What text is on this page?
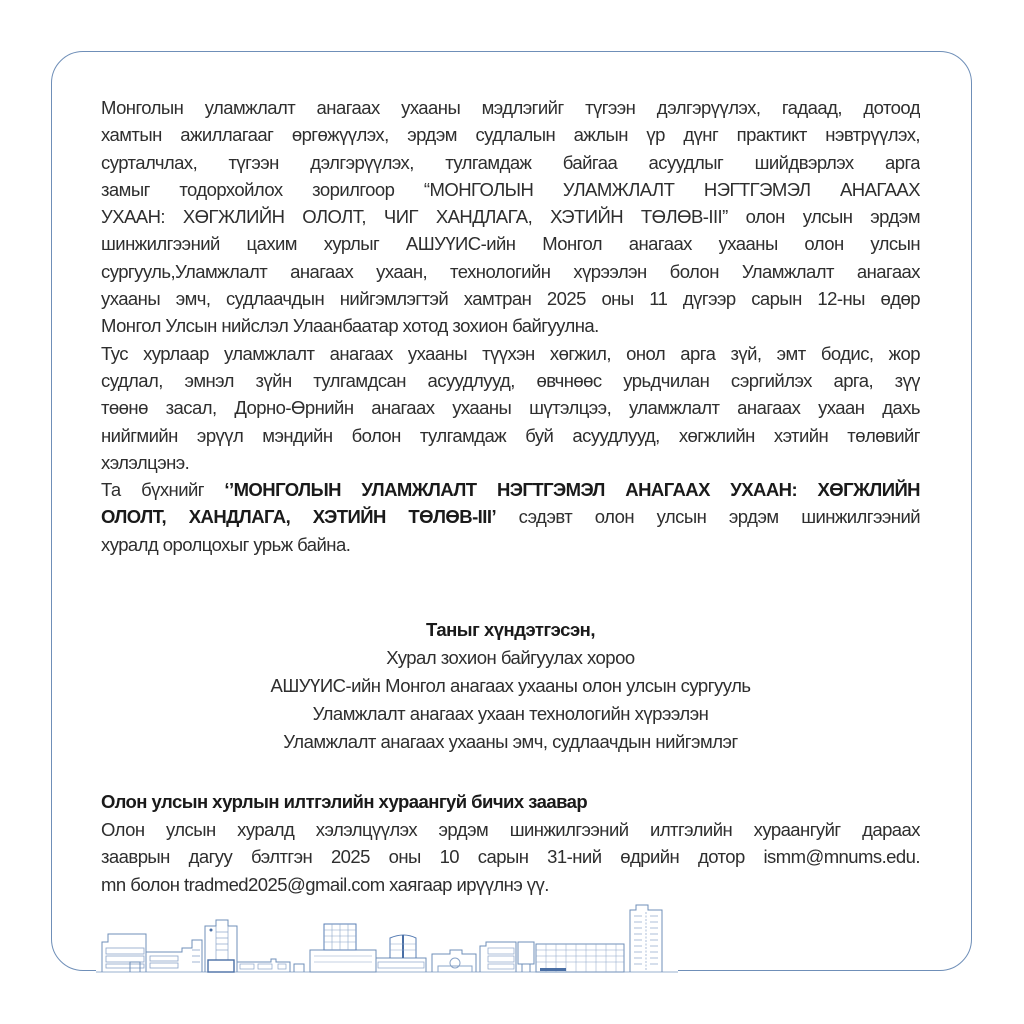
Монголын уламжлалт анагаах ухааны мэдлэгийг түгээн дэлгэрүүлэх, гадаад, дотоод
хамтын ажиллагааг өргөжүүлэх, эрдэм судлалын ажлын үр дүнг практикт нэвтрүүлэх,
сурталчлах, түгээн дэлгэрүүлэх, тулгамдаж байгаа асуудлыг шийдвэрлэх арга
замыг тодорхойлох зорилгоор “МОНГОЛЫН УЛАМЖЛАЛТ НЭГТГЭМЭЛ АНАГААХ
УХААН: ХӨГЖЛИЙН ОЛОЛТ, ЧИГ ХАНДЛАГА, ХЭТИЙН ТӨЛӨВ-III” олон улсын эрдэм
шинжилгээний цахим хурлыг АШУҮИС-ийн Монгол анагаах ухааны олон улсын
сургууль,Уламжлалт анагаах ухаан, технологийн хүрээлэн болон Уламжлалт анагаах
ухааны эмч, судлаачдын нийгэмлэгтэй хамтран 2025 оны 11 дүгээр сарын 12-ны өдөр
Монгол Улсын нийслэл Улаанбаатар хотод зохион байгуулна.
Тус хурлаар уламжлалт анагаах ухааны түүхэн хөгжил, онол арга зүй, эмт бодис, жор
судлал, эмнэл зүйн тулгамдсан асуудлууд, өвчнөөс урьдчилан сэргийлэх арга, зүү
төөнө засал, Дорно-Өрнийн анагаах ухааны шүтэлцээ, уламжлалт анагаах ухаан дахь
нийгмийн эрүүл мэндийн болон тулгамдаж буй асуудлууд, хөгжлийн хэтийн төлөвийг
хэлэлцэнэ.
Та бүхнийг ‘’МОНГОЛЫН УЛАМЖЛАЛТ НЭГТГЭМЭЛ АНАГААХ УХААН: ХӨГЖЛИЙН
ОЛОЛТ, ХАНДЛАГА, ХЭТИЙН ТӨЛӨВ-III’ сэдэвт олон улсын эрдэм шинжилгээний
хуралд оролцохыг урьж байна.
Таныг хүндэтгэсэн,
Хурал зохион байгуулах хороо
АШУҮИС-ийн Монгол анагаах ухааны олон улсын сургууль
Уламжлалт анагаах ухаан технологийн хүрээлэн
Уламжлалт анагаах ухааны эмч, судлаачдын нийгэмлэг
Олон улсын хурлын илтгэлийн хураангуй бичих заавар
Олон улсын хуралд хэлэлцүүлэх эрдэм шинжилгээний илтгэлийн хураангуйг дараах
зааврын дагуу бэлтгэн 2025 оны 10 сарын 31-ний өдрийн дотор ismm@mnums.edu.
mn болон tradmed2025@gmail.com хаягаар ирүүлнэ үү.
